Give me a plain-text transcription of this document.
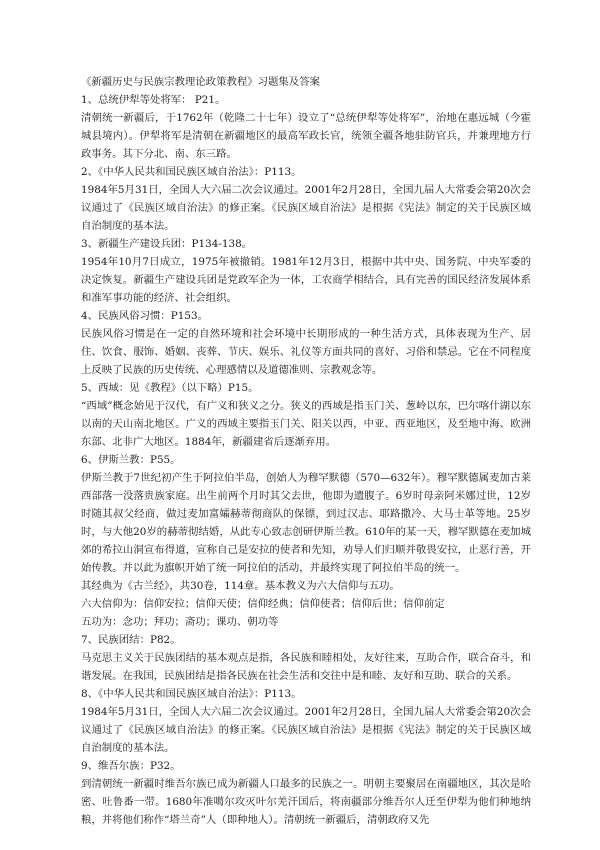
《新疆历史与民族宗教理论政策教程》习题集及答案

1、总统伊犁等处将军： P21。

清朝统一新疆后，于1762年（乾隆二十七年）设立了“总统伊犁等处将军”，治地在惠远城（今霍城县境内）。伊犁将军是清朝在新疆地区的最高军政长官，统领全疆各地驻防官兵，并兼理地方行政事务。其下分北、南、东三路。

2、《中华人民共和国民族区域自治法》：P113。

1984年5月31日，全国人大六届二次会议通过。2001年2月28日，全国九届人大常委会第20次会议通过了《民族区域自治法》的修正案。《民族区域自治法》是根据《宪法》制定的关于民族区域自治制度的基本法。

3、新疆生产建设兵团：P134-138。

1954年10月7日成立，1975年被撤销。1981年12月3日，根据中共中央、国务院、中央军委的决定恢复。新疆生产建设兵团是党政军企为一体，工农商学相结合，具有完善的国民经济发展体系和准军事功能的经济、社会组织。

4、民族风俗习惯：P153。

民族风俗习惯是在一定的自然环境和社会环境中长期形成的一种生活方式，具体表现为生产、居住、饮食、服饰、婚姻、丧葬、节庆、娱乐、礼仪等方面共同的喜好、习俗和禁忌。它在不同程度上反映了民族的历史传统、心理感情以及道德准则、宗教观念等。

5、西域：见《教程》（以下略）P15。

“西域”概念始见于汉代，有广义和狭义之分。狭义的西域是指玉门关、葱岭以东，巴尔喀什湖以东以南的天山南北地区。广义的西域主要指玉门关、阳关以西，中亚、西亚地区，及至地中海、欧洲东部、北非广大地区。1884年，新疆建省后逐渐弃用。

6、伊斯兰教：P55。

伊斯兰教于7世纪初产生于阿拉伯半岛，创始人为穆罕默德（570—632年）。穆罕默德属麦加古莱西部落一没落贵族家庭。出生前两个月时其父去世，他即为遗腹子。6岁时母亲阿米娜过世，12岁时随其叔父经商，做过麦加富孀赫蒂彻商队的保镖，到过汉志、耶路撒冷、大马士革等地。25岁时，与大他20岁的赫蒂彻结婚，从此专心致志创研伊斯兰教。610年的某一天，穆罕默德在麦加城郊的希拉山洞宣布得道，宣称自己是安拉的使者和先知，劝导人们归顺并敬畏安拉，止恶行善，开始传教。并以此为旗帜开始了统一阿拉伯的活动，并最终实现了阿拉伯半岛的统一。

其经典为《古兰经》，共30卷，114章。基本教义为六大信仰与五功。

六大信仰为：信仰安拉；信仰天使；信仰经典；信仰使者；信仰后世；信仰前定

五功为：念功；拜功；斋功；课功、朝功等

7、民族团结：P82。

马克思主义关于民族团结的基本观点是指，各民族和睦相处，友好往来，互助合作，联合奋斗，和谐发展。在我国，民族团结是指各民族在社会生活和交往中是和睦、友好和互助、联合的关系。

8、《中华人民共和国民族区域自治法》：P113。

1984年5月31日，全国人大六届二次会议通过。2001年2月28日，全国九届人大常委会第20次会议通过了《民族区域自治法》的修正案。《民族区域自治法》是根据《宪法》制定的关于民族区域自治制度的基本法。

9、维吾尔族：P32。

到清朝统一新疆时维吾尔族已成为新疆人口最多的民族之一。明朝主要聚居在南疆地区，其次是哈密、吐鲁番一带。1680年准噶尔攻灭叶尔羌汗国后，将南疆部分维吾尔人迁至伊犁为他们种地纳粮，并将他们称作“塔兰奇”人（即种地人）。清朝统一新疆后，清朝政府又先
